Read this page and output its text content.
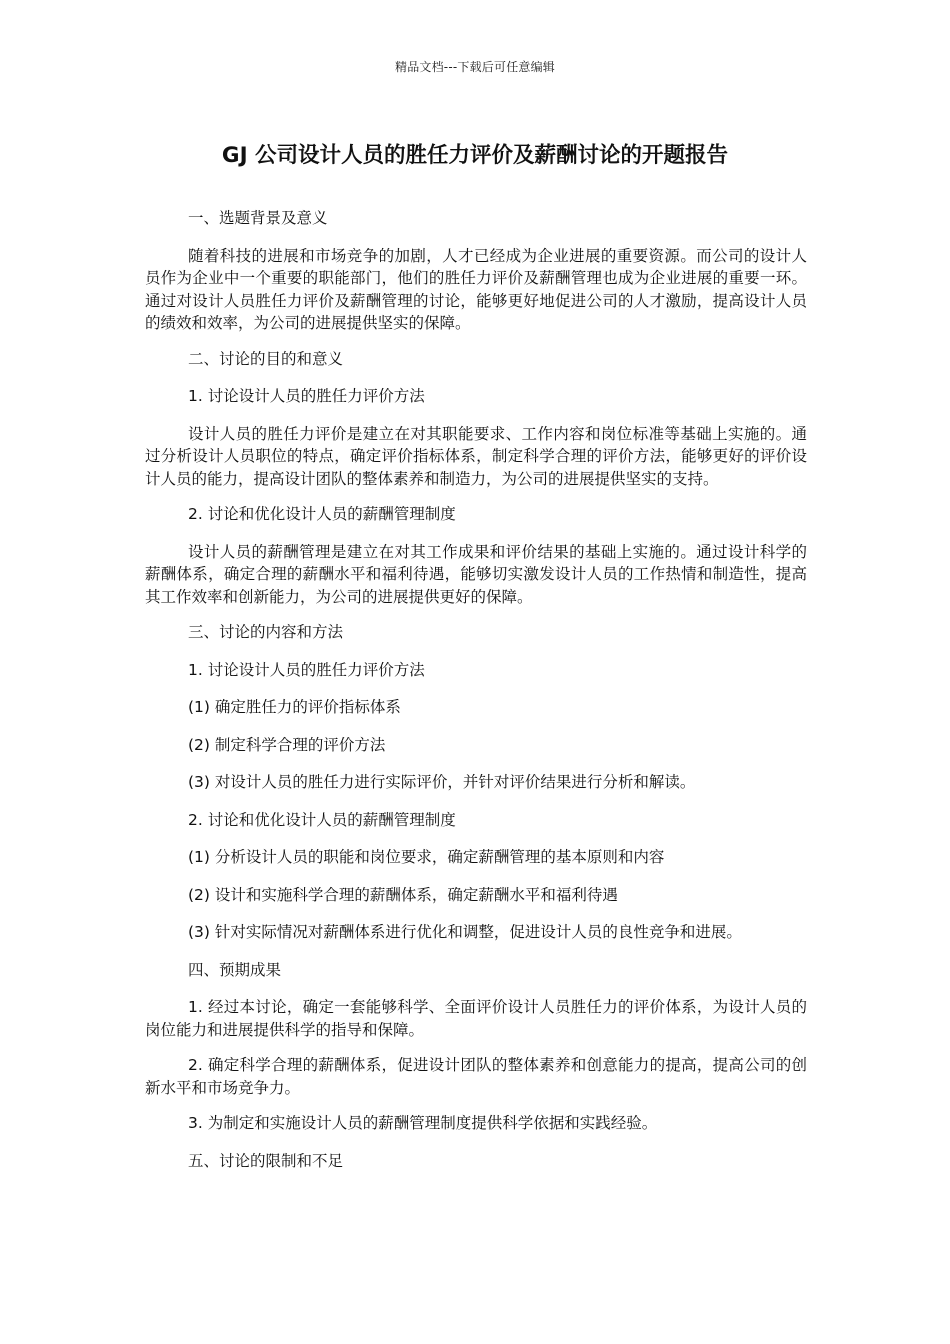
精品文档---下载后可任意编辑
GJ 公司设计人员的胜任力评价及薪酬讨论的开题报告

一、选题背景及意义

随着科技的进展和市场竞争的加剧，人才已经成为企业进展的重要资源。而公司的设计人员作为企业中一个重要的职能部门，他们的胜任力评价及薪酬管理也成为企业进展的重要一环。通过对设计人员胜任力评价及薪酬管理的讨论，能够更好地促进公司的人才激励，提高设计人员的绩效和效率，为公司的进展提供坚实的保障。

二、讨论的目的和意义

1. 讨论设计人员的胜任力评价方法

设计人员的胜任力评价是建立在对其职能要求、工作内容和岗位标准等基础上实施的。通过分析设计人员职位的特点，确定评价指标体系，制定科学合理的评价方法，能够更好的评价设计人员的能力，提高设计团队的整体素养和制造力，为公司的进展提供坚实的支持。

2. 讨论和优化设计人员的薪酬管理制度

设计人员的薪酬管理是建立在对其工作成果和评价结果的基础上实施的。通过设计科学的薪酬体系，确定合理的薪酬水平和福利待遇，能够切实激发设计人员的工作热情和制造性，提高其工作效率和创新能力，为公司的进展提供更好的保障。

三、讨论的内容和方法

1. 讨论设计人员的胜任力评价方法

(1) 确定胜任力的评价指标体系

(2) 制定科学合理的评价方法

(3) 对设计人员的胜任力进行实际评价，并针对评价结果进行分析和解读。

2. 讨论和优化设计人员的薪酬管理制度

(1) 分析设计人员的职能和岗位要求，确定薪酬管理的基本原则和内容

(2) 设计和实施科学合理的薪酬体系，确定薪酬水平和福利待遇

(3) 针对实际情况对薪酬体系进行优化和调整，促进设计人员的良性竞争和进展。

四、预期成果

1. 经过本讨论，确定一套能够科学、全面评价设计人员胜任力的评价体系，为设计人员的岗位能力和进展提供科学的指导和保障。

2. 确定科学合理的薪酬体系，促进设计团队的整体素养和创意能力的提高，提高公司的创新水平和市场竞争力。

3. 为制定和实施设计人员的薪酬管理制度提供科学依据和实践经验。

五、讨论的限制和不足
